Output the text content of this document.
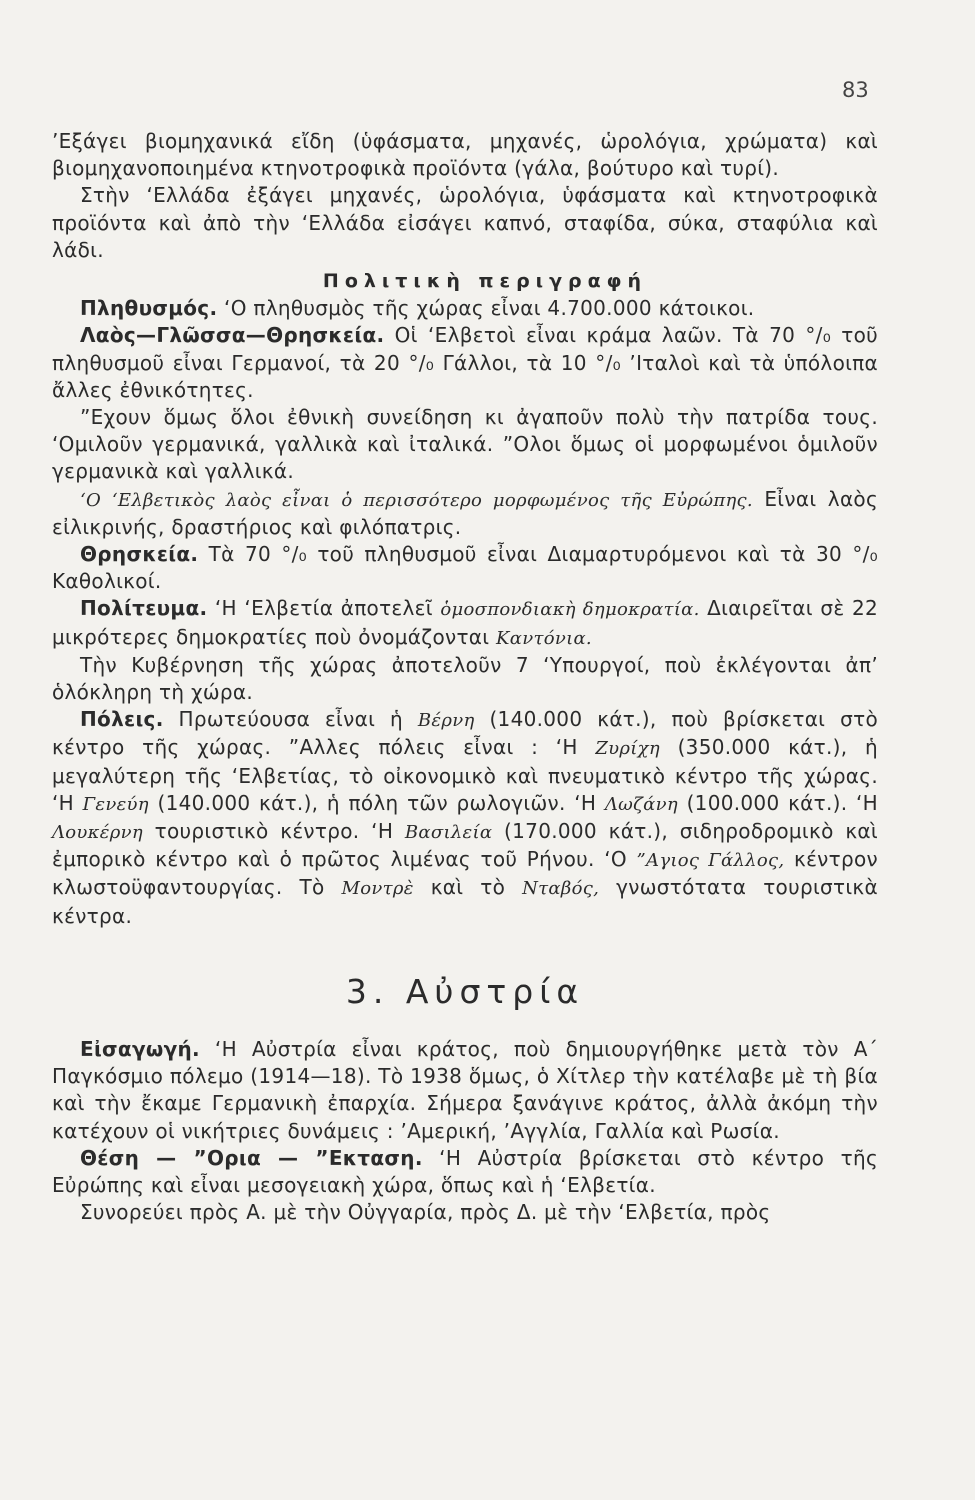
83

’Εξάγει βιομηχανικά εἴδη (ὑφάσματα, μηχανές, ὡρολόγια, χρώματα) καὶ βιομηχανοποιημένα κτηνοτροφικὰ προϊόντα (γάλα, βούτυρο καὶ τυρί).

Στὴν ‘Ελλάδα ἐξάγει μηχανές, ὡρολόγια, ὑφάσματα καὶ κτηνοτροφικὰ προϊόντα καὶ ἀπὸ τὴν ‘Ελλάδα εἰσάγει καπνό, σταφίδα, σύκα, σταφύλια καὶ λάδι.

Πολιτικὴ περιγραφή

Πληθυσμός. ‘Ο πληθυσμὸς τῆς χώρας εἶναι 4.700.000 κάτοικοι.

Λαὸς—Γλῶσσα—Θρησκεία. Οἱ ‘Ελβετοὶ εἶναι κράμα λαῶν. Τὰ 70 °/₀ τοῦ πληθυσμοῦ εἶναι Γερμανοί, τὰ 20 °/₀ Γάλλοι, τὰ 10 °/₀ ’Ιταλοὶ καὶ τὰ ὑπόλοιπα ἄλλες ἐθνικότητες.

”Εχουν ὅμως ὅλοι ἐθνικὴ συνείδηση κι ἀγαποῦν πολὺ τὴν πατρίδα τους. ‘Ομιλοῦν γερμανικά, γαλλικὰ καὶ ἰταλικά. ”Ολοι ὅμως οἱ μορφωμένοι ὁμιλοῦν γερμανικὰ καὶ γαλλικά.

‘Ο ‘Ελβετικὸς λαὸς εἶναι ὁ περισσότερο μορφωμένος τῆς Εὐρώπης. Εἶναι λαὸς εἰλικρινής, δραστήριος καὶ φιλόπατρις.

Θρησκεία. Τὰ 70 °/₀ τοῦ πληθυσμοῦ εἶναι Διαμαρτυρόμενοι καὶ τὰ 30 °/₀ Καθολικοί.

Πολίτευμα. ‘Η ‘Ελβετία ἀποτελεῖ ὁμοσπονδιακὴ δημοκρατία. Διαιρεῖται σὲ 22 μικρότερες δημοκρατίες ποὺ ὀνομάζονται Καντόνια.

Τὴν Κυβέρνηση τῆς χώρας ἀποτελοῦν 7 ‘Υπουργοί, ποὺ ἐκλέγονται ἀπ’ ὁλόκληρη τὴ χώρα.

Πόλεις. Πρωτεύουσα εἶναι ἡ Βέρνη (140.000 κάτ.), ποὺ βρίσκεται στὸ κέντρο τῆς χώρας. ”Αλλες πόλεις εἶναι : ‘Η Ζυρίχη (350.000 κάτ.), ἡ μεγαλύτερη τῆς ‘Ελβετίας, τὸ οἰκονομικὸ καὶ πνευματικὸ κέντρο τῆς χώρας. ‘Η Γενεύη (140.000 κάτ.), ἡ πόλη τῶν ρωλογιῶν. ‘Η Λωζάνη (100.000 κάτ.). ‘Η Λουκέρνη τουριστικὸ κέντρο. ‘Η Βασιλεία (170.000 κάτ.), σιδηροδρομικὸ καὶ ἐμπορικὸ κέντρο καὶ ὁ πρῶτος λιμένας τοῦ Ρήνου. ‘Ο ”Αγιος Γάλλος, κέντρον κλωστοϋφαντουργίας. Τὸ Μοντρὲ καὶ τὸ Νταβός, γνωστότατα τουριστικὰ κέντρα.

3. Αὐστρία

Εἰσαγωγή. ‘Η Αὐστρία εἶναι κράτος, ποὺ δημιουργήθηκε μετὰ τὸν Α΄ Παγκόσμιο πόλεμο (1914—18). Τὸ 1938 ὅμως, ὁ Χίτλερ τὴν κατέλαβε μὲ τὴ βία καὶ τὴν ἔκαμε Γερμανικὴ ἐπαρχία. Σήμερα ξανάγινε κράτος, ἀλλὰ ἀκόμη τὴν κατέχουν οἱ νικήτριες δυνάμεις : ’Αμερική, ’Αγγλία, Γαλλία καὶ Ρωσία.

Θέση — ”Ορια — ”Εκταση. ‘Η Αὐστρία βρίσκεται στὸ κέντρο τῆς Εὐρώπης καὶ εἶναι μεσογειακὴ χώρα, ὅπως καὶ ἡ ‘Ελβετία.

Συνορεύει πρὸς Α. μὲ τὴν Οὐγγαρία, πρὸς Δ. μὲ τὴν ‘Ελβετία, πρὸς
